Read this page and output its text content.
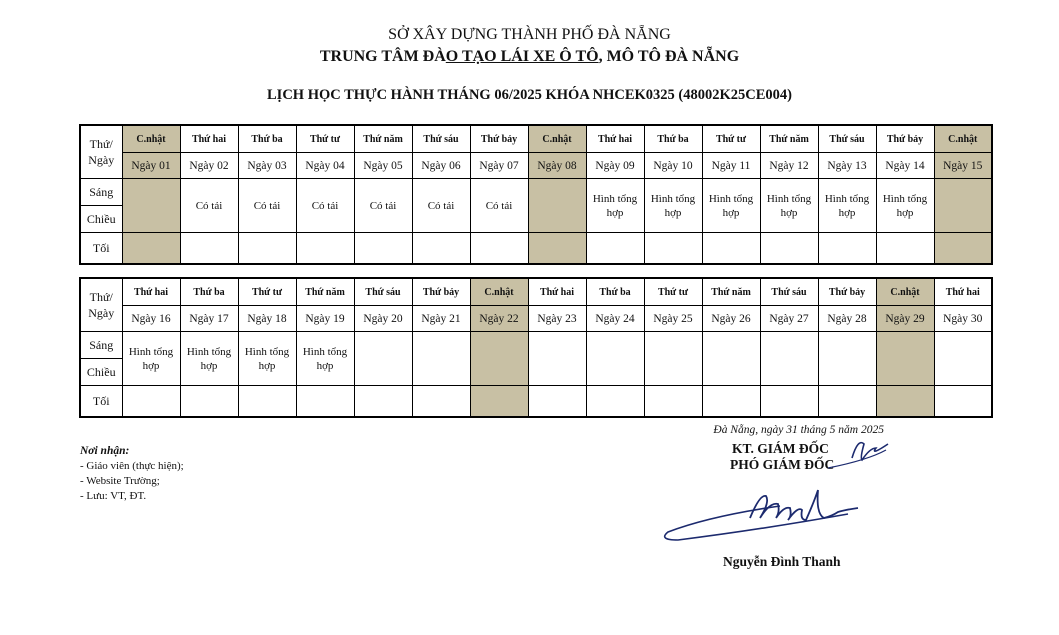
SỞ XÂY DỰNG THÀNH PHỐ ĐÀ NẴNG
TRUNG TÂM ĐÀO TẠO LÁI XE Ô TÔ, MÔ TÔ ĐÀ NẴNG
LỊCH HỌC THỰC HÀNH THÁNG 06/2025 KHÓA NHCEK0325 (48002K25CE004)
Thứ/ Ngày	C.nhật	Thứ hai	Thứ ba	Thứ tư	Thứ năm	Thứ sáu	Thứ bảy	C.nhật	Thứ hai	Thứ ba	Thứ tư	Thứ năm	Thứ sáu	Thứ bảy	C.nhật
	Ngày 01	Ngày 02	Ngày 03	Ngày 04	Ngày 05	Ngày 06	Ngày 07	Ngày 08	Ngày 09	Ngày 10	Ngày 11	Ngày 12	Ngày 13	Ngày 14	Ngày 15
Sáng		Có tải	Có tải	Có tải	Có tải	Có tải	Có tải		Hình tổng hợp	Hình tổng hợp	Hình tổng hợp	Hình tổng hợp	Hình tổng hợp	Hình tổng hợp	
Chiều															
Tối															
Thứ/ Ngày	Thứ hai	Thứ ba	Thứ tư	Thứ năm	Thứ sáu	Thứ bảy	C.nhật	Thứ hai	Thứ ba	Thứ tư	Thứ năm	Thứ sáu	Thứ bảy	C.nhật	Thứ hai
	Ngày 16	Ngày 17	Ngày 18	Ngày 19	Ngày 20	Ngày 21	Ngày 22	Ngày 23	Ngày 24	Ngày 25	Ngày 26	Ngày 27	Ngày 28	Ngày 29	Ngày 30
Sáng	Hình tổng hợp	Hình tổng hợp	Hình tổng hợp	Hình tổng hợp											
Chiều															
Tối															
Nơi nhận:
- Giáo viên (thực hiện);
- Website Trường;
- Lưu: VT, ĐT.
Đà Nẵng, ngày 31 tháng 5 năm 2025
KT. GIÁM ĐỐC
PHÓ GIÁM ĐỐC
Nguyễn Đình Thanh
